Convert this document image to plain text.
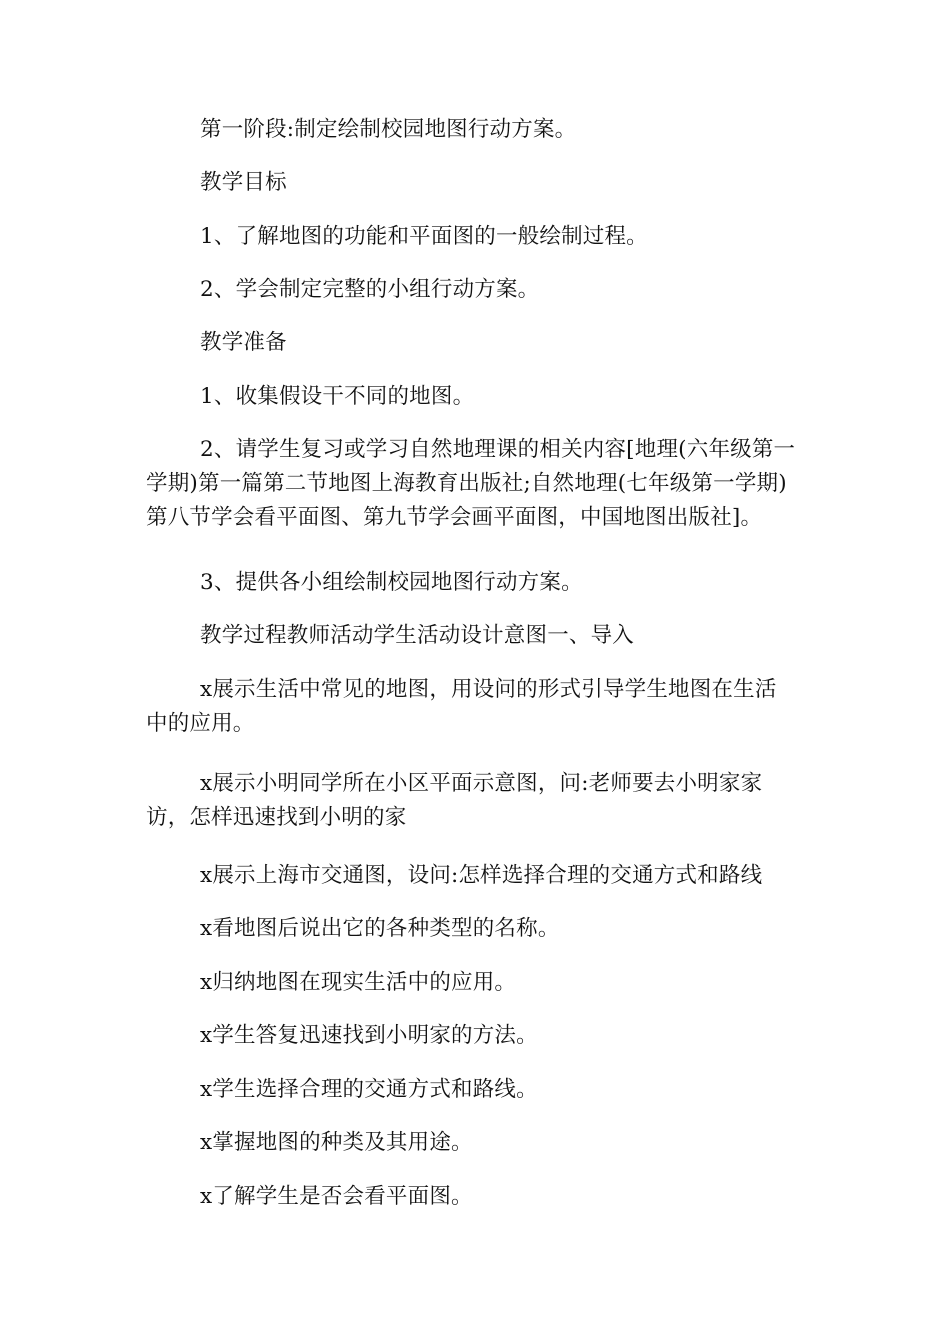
第一阶段:制定绘制校园地图行动方案。

教学目标

1、了解地图的功能和平面图的一般绘制过程。

2、学会制定完整的小组行动方案。

教学准备

1、收集假设干不同的地图。

2、请学生复习或学习自然地理课的相关内容[地理(六年级第一学期)第一篇第二节地图上海教育出版社;自然地理(七年级第一学期)第八节学会看平面图、第九节学会画平面图，中国地图出版社]。

3、提供各小组绘制校园地图行动方案。

教学过程教师活动学生活动设计意图一、导入

x展示生活中常见的地图，用设问的形式引导学生地图在生活中的应用。

x展示小明同学所在小区平面示意图，问:老师要去小明家家访，怎样迅速找到小明的家

x展示上海市交通图，设问:怎样选择合理的交通方式和路线

x看地图后说出它的各种类型的名称。

x归纳地图在现实生活中的应用。

x学生答复迅速找到小明家的方法。

x学生选择合理的交通方式和路线。

x掌握地图的种类及其用途。

x了解学生是否会看平面图。
